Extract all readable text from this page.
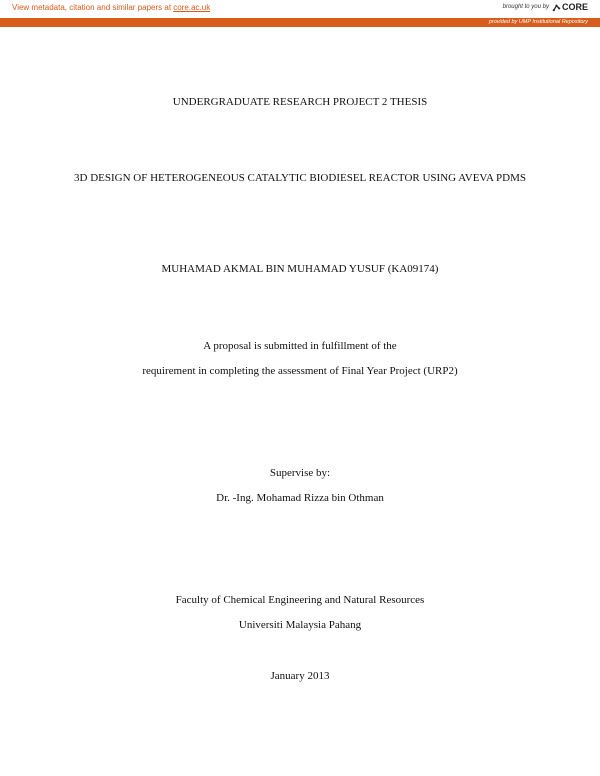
View metadata, citation and similar papers at core.ac.uk	brought to you by CORE
provided by UMP Institutional Repository
UNDERGRADUATE RESEARCH PROJECT 2 THESIS
3D DESIGN OF HETEROGENEOUS CATALYTIC BIODIESEL REACTOR USING AVEVA PDMS
MUHAMAD AKMAL BIN MUHAMAD YUSUF (KA09174)
A proposal is submitted in fulfillment of the
requirement in completing the assessment of Final Year Project (URP2)
Supervise by:
Dr. -Ing. Mohamad Rizza bin Othman
Faculty of Chemical Engineering and Natural Resources
Universiti Malaysia Pahang
January 2013
